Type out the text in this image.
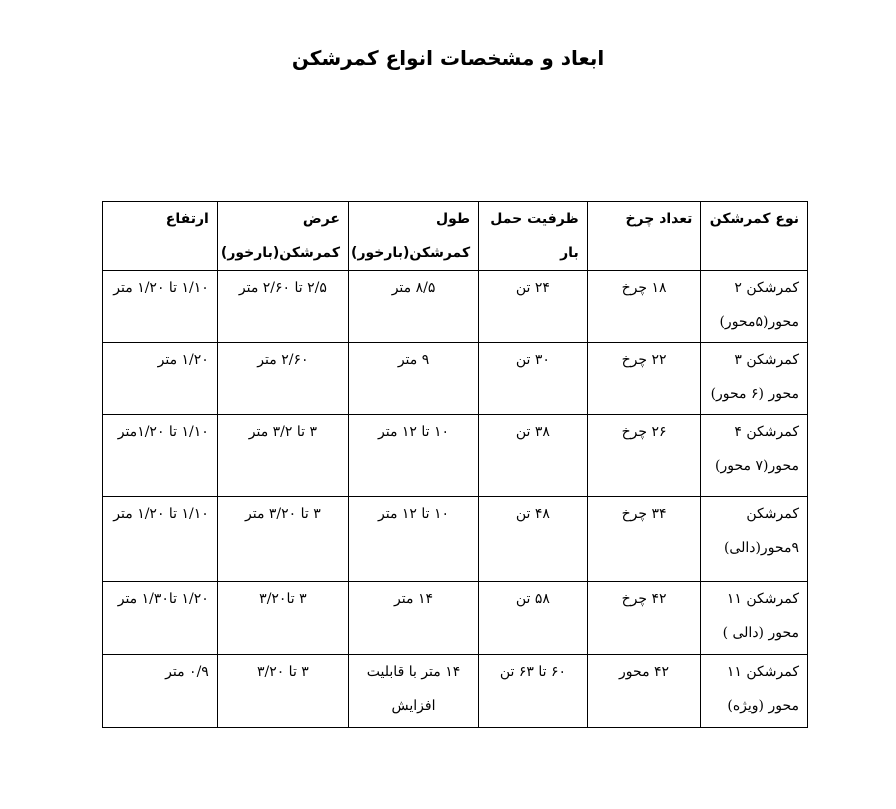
ابعاد و مشخصات انواع کمرشکن
نوع کمرشکن	تعداد چرخ	ظرفیت حمل بار	طول کمرشکن(بارخور)	عرض کمرشکن(بارخور)	ارتفاع
کمرشکن ۲ محور(۵محور)	۱۸ چرخ	۲۴ تن	۸/۵ متر	۲/۵ تا ۲/۶۰ متر	۱/۱۰ تا ۱/۲۰ متر
کمرشکن ۳ محور (۶ محور)	۲۲ چرخ	۳۰ تن	۹ متر	۲/۶۰ متر	۱/۲۰ متر
کمرشکن ۴ محور(۷ محور)	۲۶ چرخ	۳۸ تن	۱۰ تا ۱۲ متر	۳ تا ۳/۲ متر	۱/۱۰ تا ۱/۲۰متر
کمرشکن ۹محور(دالی)	۳۴ چرخ	۴۸ تن	۱۰ تا ۱۲ متر	۳ تا ۳/۲۰ متر	۱/۱۰ تا ۱/۲۰ متر
کمرشکن ۱۱ محور (دالی )	۴۲ چرخ	۵۸ تن	۱۴ متر	۳ تا۳/۲۰	۱/۲۰ تا۱/۳۰ متر
کمرشکن ۱۱ محور (ویژه)	۴۲ محور	۶۰ تا ۶۳ تن	۱۴ متر با قابلیت افزایش	۳ تا ۳/۲۰	۰/۹ متر
